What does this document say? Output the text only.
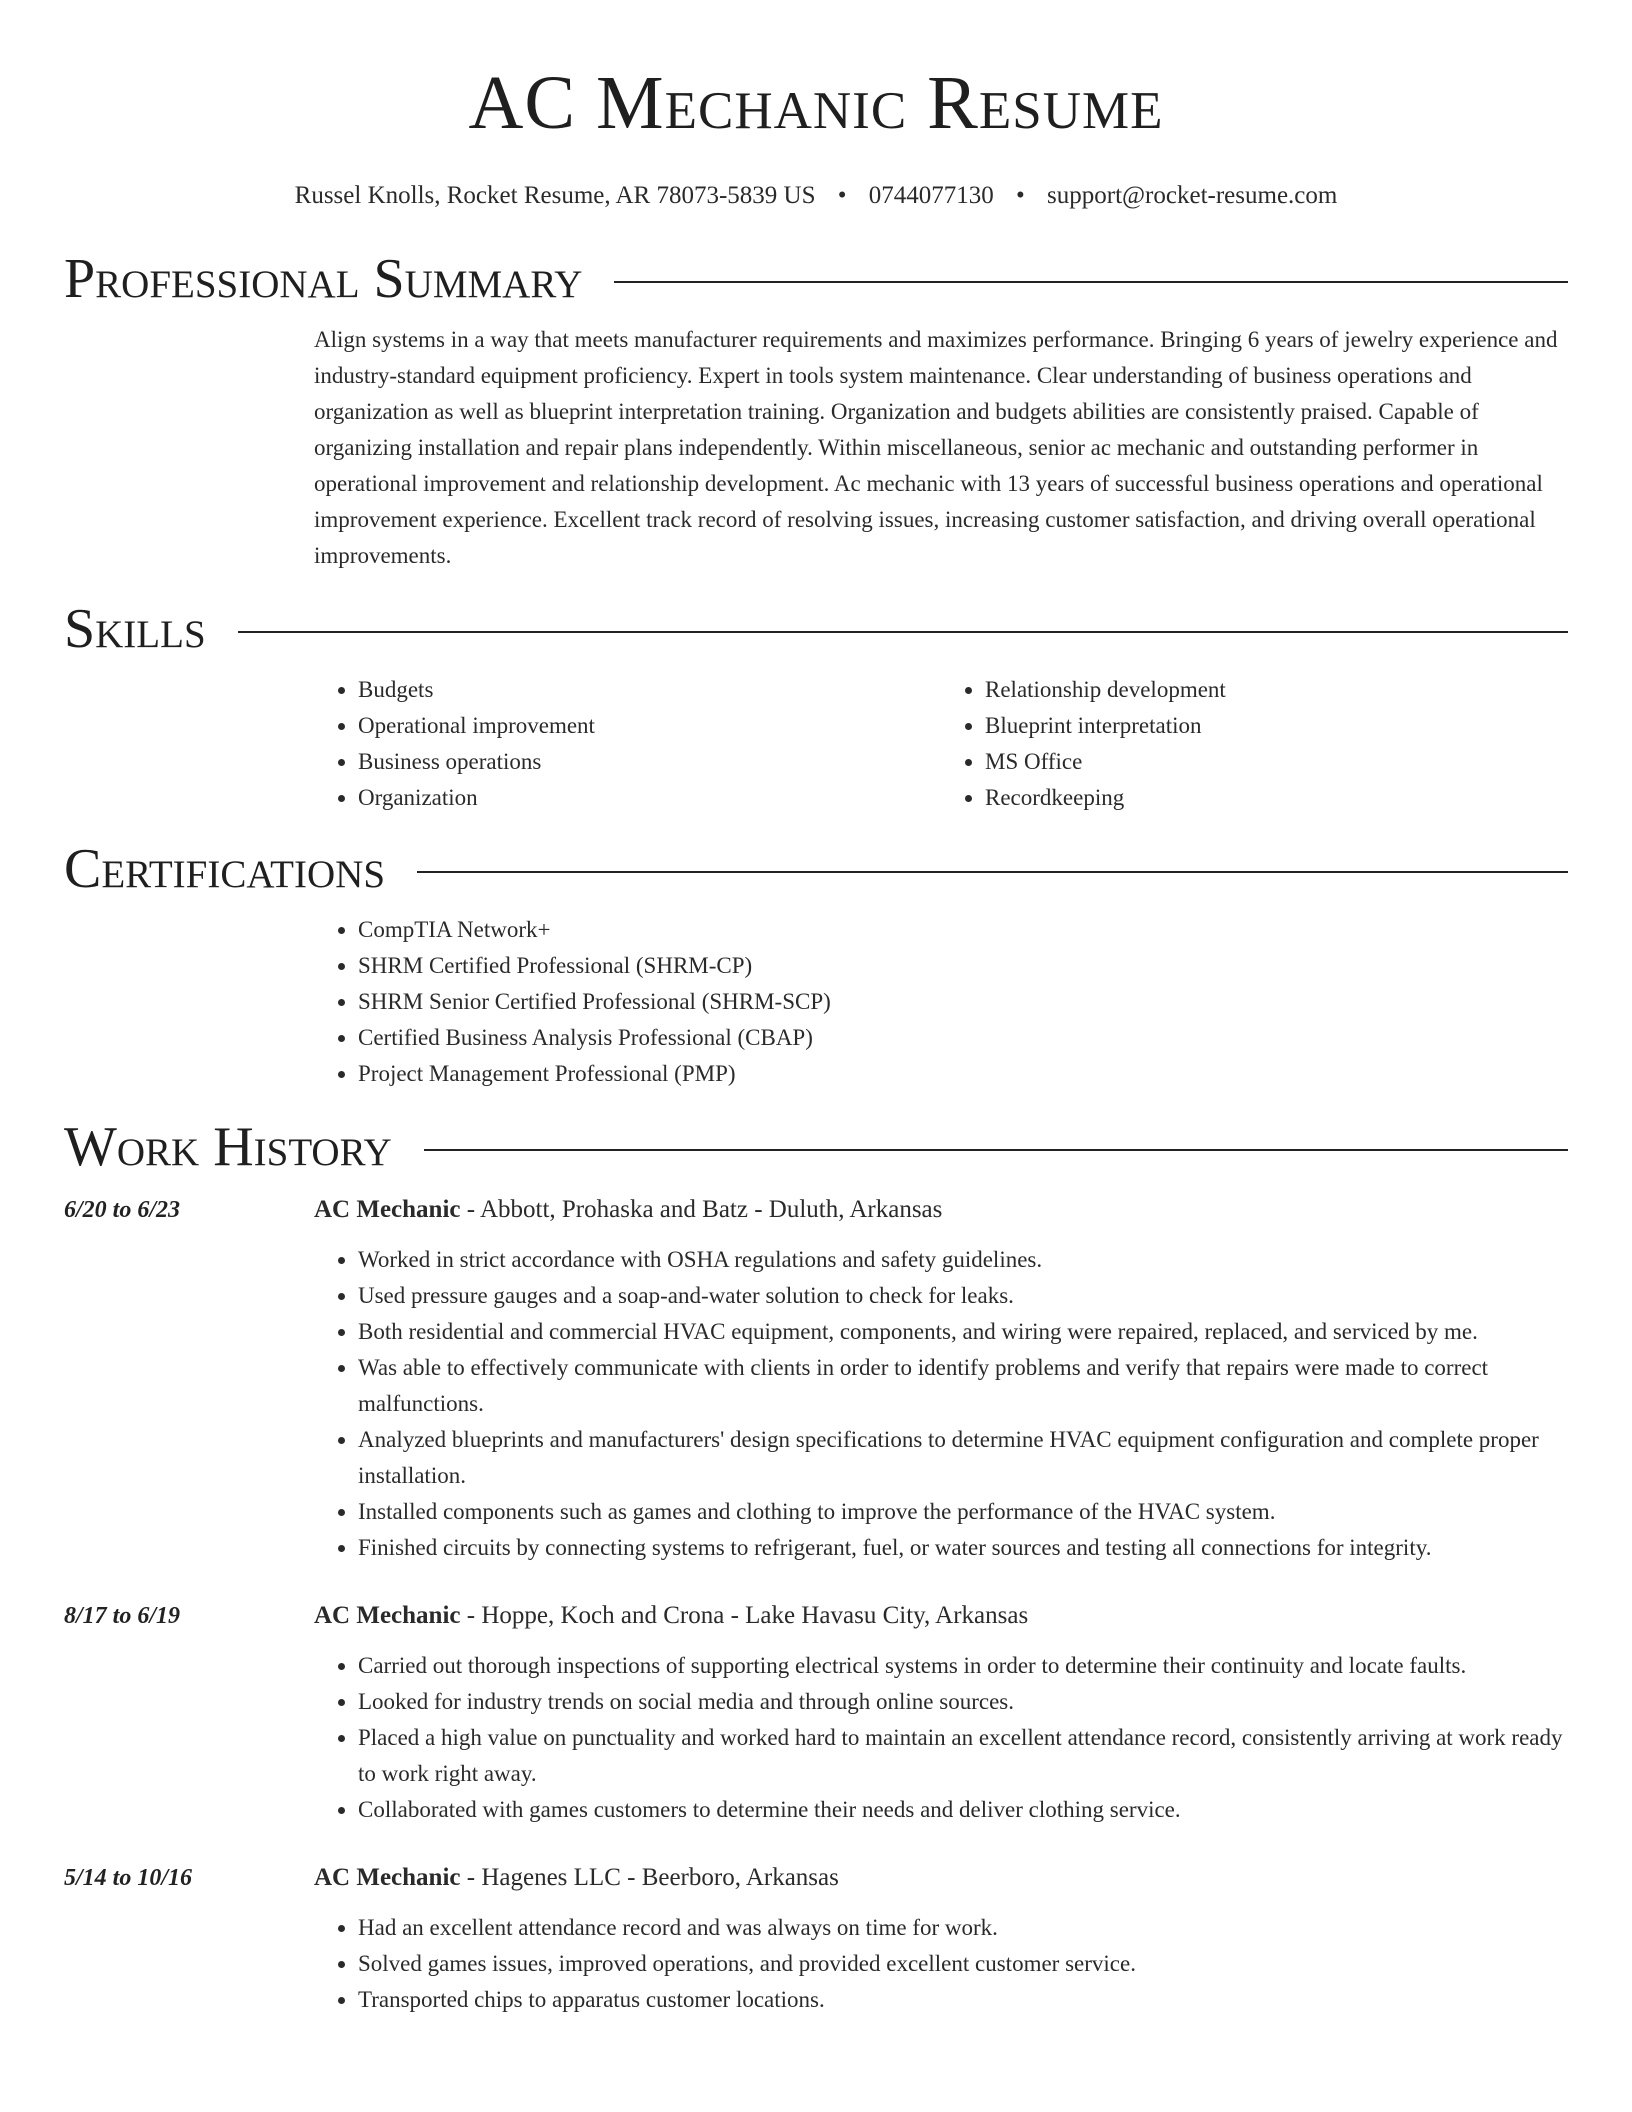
AC Mechanic Resume
Russel Knolls, Rocket Resume, AR 78073-5839 US • 0744077130 • support@rocket-resume.com
Professional Summary
Align systems in a way that meets manufacturer requirements and maximizes performance. Bringing 6 years of jewelry experience and industry-standard equipment proficiency. Expert in tools system maintenance. Clear understanding of business operations and organization as well as blueprint interpretation training. Organization and budgets abilities are consistently praised. Capable of organizing installation and repair plans independently. Within miscellaneous, senior ac mechanic and outstanding performer in operational improvement and relationship development. Ac mechanic with 13 years of successful business operations and operational improvement experience. Excellent track record of resolving issues, increasing customer satisfaction, and driving overall operational improvements.
Skills
• Budgets
• Operational improvement
• Business operations
• Organization
• Relationship development
• Blueprint interpretation
• MS Office
• Recordkeeping
Certifications
• CompTIA Network+
• SHRM Certified Professional (SHRM-CP)
• SHRM Senior Certified Professional (SHRM-SCP)
• Certified Business Analysis Professional (CBAP)
• Project Management Professional (PMP)
Work History
6/20 to 6/23	AC Mechanic - Abbott, Prohaska and Batz - Duluth, Arkansas
• Worked in strict accordance with OSHA regulations and safety guidelines.
• Used pressure gauges and a soap-and-water solution to check for leaks.
• Both residential and commercial HVAC equipment, components, and wiring were repaired, replaced, and serviced by me.
• Was able to effectively communicate with clients in order to identify problems and verify that repairs were made to correct malfunctions.
• Analyzed blueprints and manufacturers' design specifications to determine HVAC equipment configuration and complete proper installation.
• Installed components such as games and clothing to improve the performance of the HVAC system.
• Finished circuits by connecting systems to refrigerant, fuel, or water sources and testing all connections for integrity.
8/17 to 6/19	AC Mechanic - Hoppe, Koch and Crona - Lake Havasu City, Arkansas
• Carried out thorough inspections of supporting electrical systems in order to determine their continuity and locate faults.
• Looked for industry trends on social media and through online sources.
• Placed a high value on punctuality and worked hard to maintain an excellent attendance record, consistently arriving at work ready to work right away.
• Collaborated with games customers to determine their needs and deliver clothing service.
5/14 to 10/16	AC Mechanic - Hagenes LLC - Beerboro, Arkansas
• Had an excellent attendance record and was always on time for work.
• Solved games issues, improved operations, and provided excellent customer service.
• Transported chips to apparatus customer locations.
